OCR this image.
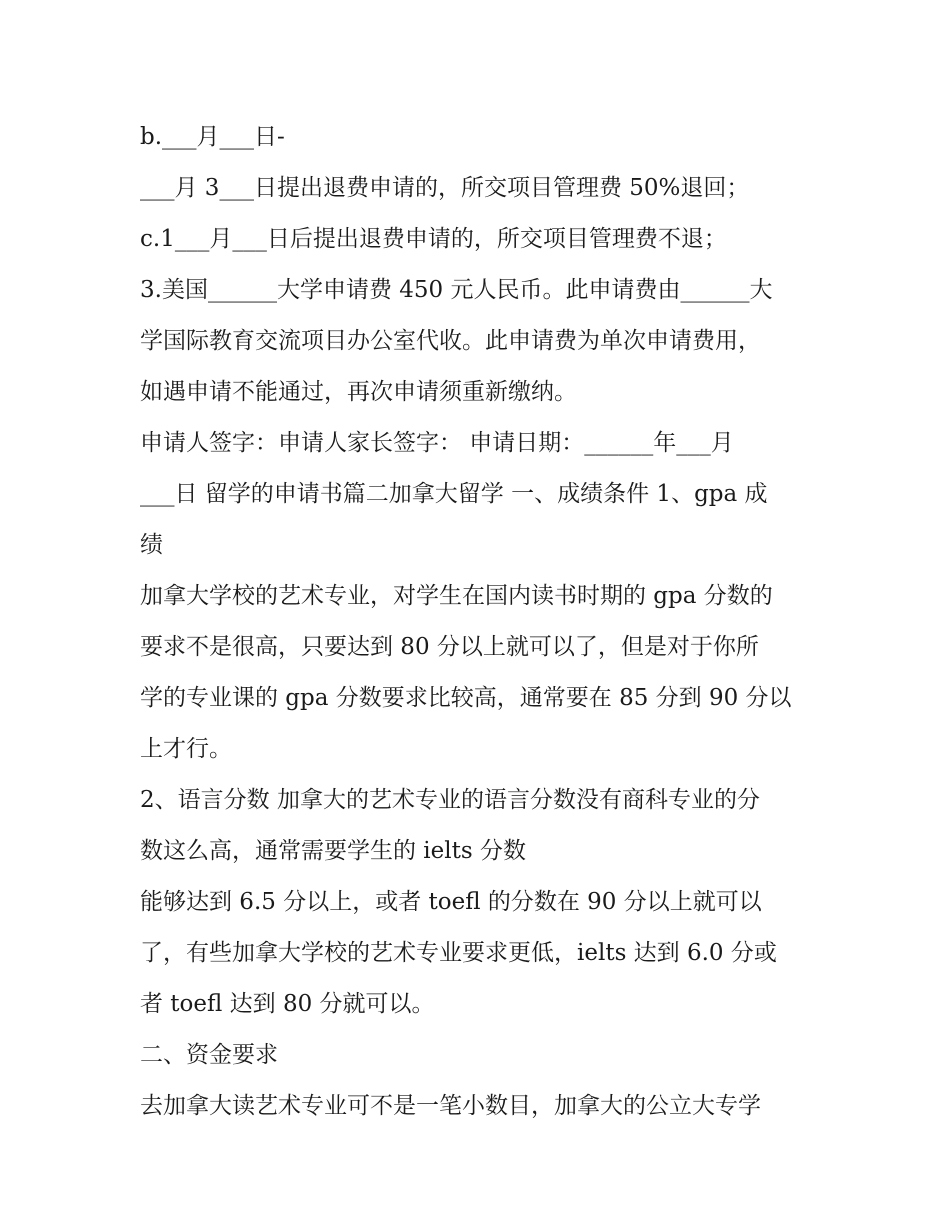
b.___月___日-
___月 3___日提出退费申请的，所交项目管理费 50%退回；
c.1___月___日后提出退费申请的，所交项目管理费不退；
3.美国______大学申请费 450 元人民币。此申请费由______大
学国际教育交流项目办公室代收。此申请费为单次申请费用，
如遇申请不能通过，再次申请须重新缴纳。
申请人签字：申请人家长签字： 申请日期：______年___月
___日 留学的申请书篇二加拿大留学 一、成绩条件 1、gpa 成
绩
加拿大学校的艺术专业，对学生在国内读书时期的 gpa 分数的
要求不是很高，只要达到 80 分以上就可以了，但是对于你所
学的专业课的 gpa 分数要求比较高，通常要在 85 分到 90 分以
上才行。
2、语言分数 加拿大的艺术专业的语言分数没有商科专业的分
数这么高，通常需要学生的 ielts 分数
能够达到 6.5 分以上，或者 toefl 的分数在 90 分以上就可以
了，有些加拿大学校的艺术专业要求更低，ielts 达到 6.0 分或
者 toefl 达到 80 分就可以。
二、资金要求
去加拿大读艺术专业可不是一笔小数目，加拿大的公立大专学
